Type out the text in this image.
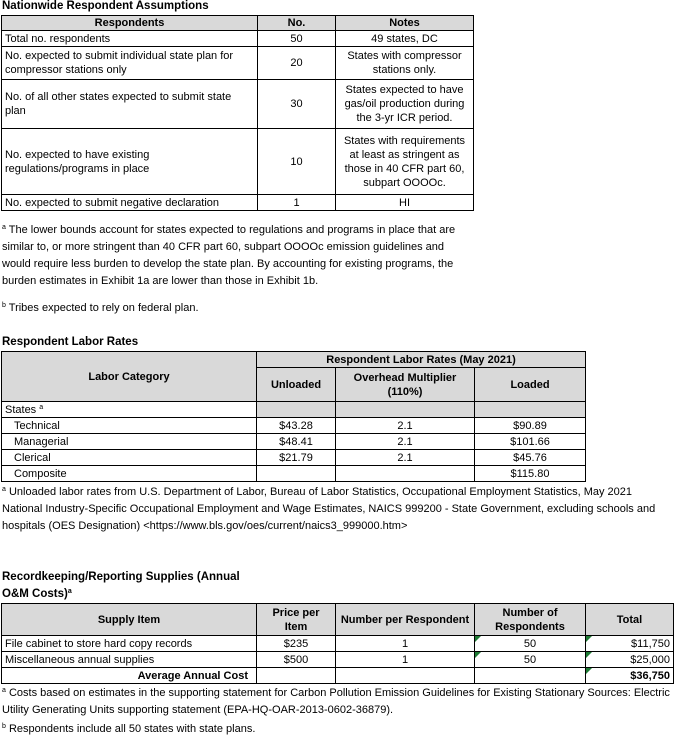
Nationwide Respondent Assumptions
Respondents	No.	Notes
Total no. respondents	50	49 states, DC
No. expected to submit individual state plan for compressor stations only	20	States with compressor stations only.
No. of all other states expected to submit state plan	30	States expected to have gas/oil production during the 3-yr ICR period.
No. expected to have existing regulations/programs in place	10	States with requirements at least as stringent as those in 40 CFR part 60, subpart OOOOc.
No. expected to submit negative declaration	1	HI
$^a$ The lower bounds account for states expected to regulations and programs in place that are similar to, or more stringent than 40 CFR part 60, subpart OOOOc emission guidelines and would require less burden to develop the state plan. By accounting for existing programs, the burden estimates in Exhibit 1a are lower than those in Exhibit 1b.
$^b$ Tribes expected to rely on federal plan.
Respondent Labor Rates
Labor Category	Respondent Labor Rates (May 2021)		
	Unloaded	Overhead Multiplier (110%)	Loaded
States $^a$			
Technical	$43.28	2.1	$90.89
Managerial	$48.41	2.1	$101.66
Clerical	$21.79	2.1	$45.76
Composite			$115.80
$^a$ Unloaded labor rates from U.S. Department of Labor, Bureau of Labor Statistics, Occupational Employment Statistics, May 2021 National Industry-Specific Occupational Employment and Wage Estimates, NAICS 999200 - State Government, excluding schools and hospitals (OES Designation) <https://www.bls.gov/oes/current/naics3_999000.htm>
Recordkeeping/Reporting Supplies (Annual
O&M Costs)$^a$
Supply Item	Price per Item	Number per Respondent	Number of Respondents	Total
File cabinet to store hard copy records	$235	1	50	$11,750
Miscellaneous annual supplies	$500	1	50	$25,000
Average Annual Cost				$36,750
$^a$ Costs based on estimates in the supporting statement for Carbon Pollution Emission Guidelines for Existing Stationary Sources: Electric Utility Generating Units supporting statement (EPA-HQ-OAR-2013-0602-36879).
$^b$ Respondents include all 50 states with state plans.
